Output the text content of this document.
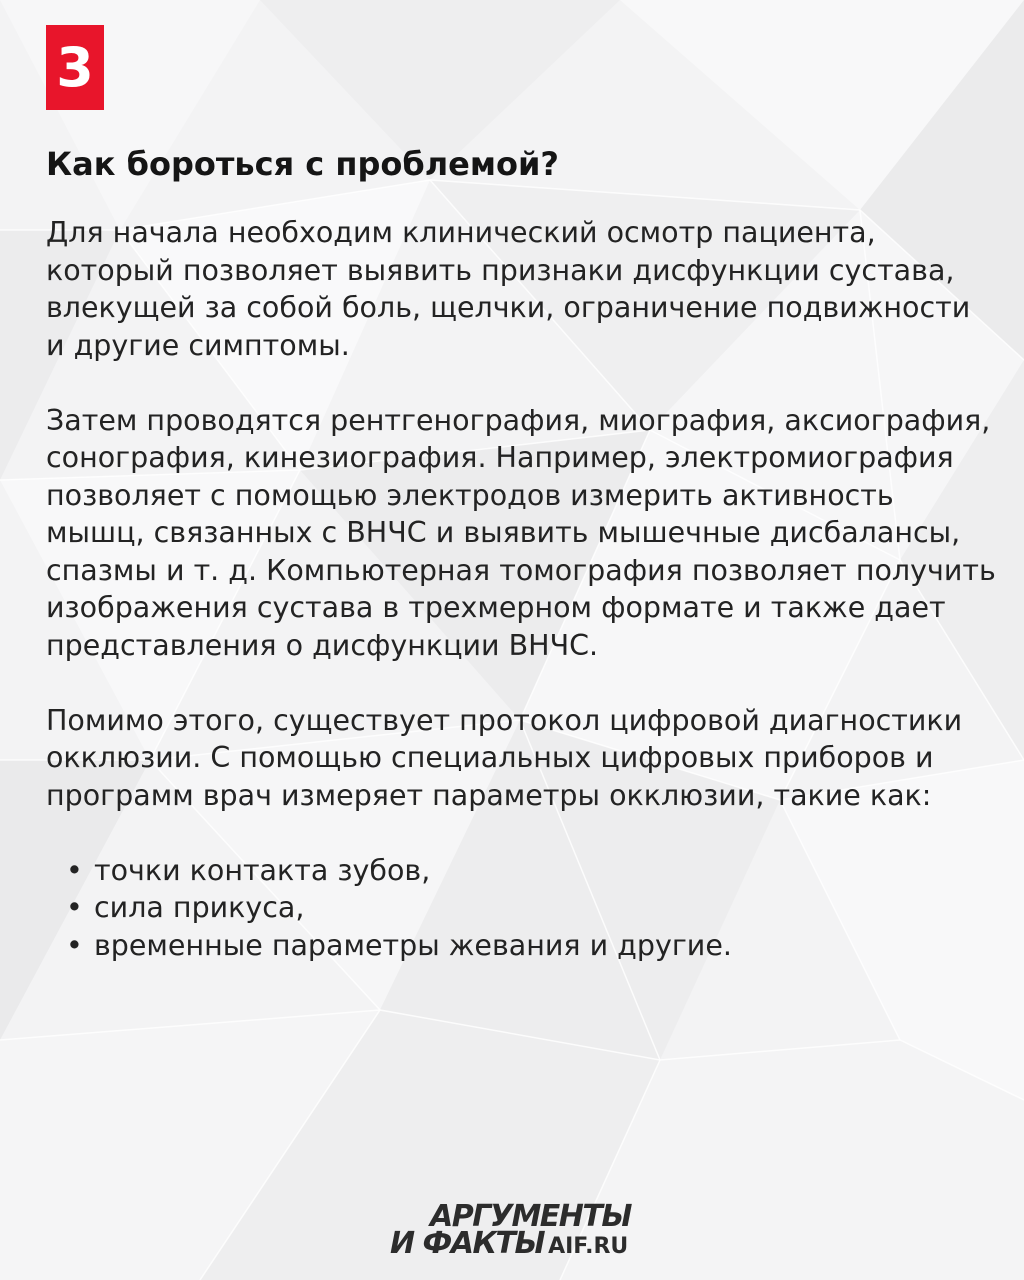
3
Как бороться с проблемой?

Для начала необходим клинический осмотр пациента, который позволяет выявить признаки дисфункции сустава, влекущей за собой боль, щелчки, ограничение подвижности и другие симптомы.

Затем проводятся рентгенография, миография, аксиография, сонография, кинезиография. Например, электромиография позволяет с помощью электродов измерить активность мышц, связанных с ВНЧС и выявить мышечные дисбалансы, спазмы и т. д. Компьютерная томография позволяет получить изображения сустава в трехмерном формате и также дает представления о дисфункции ВНЧС.

Помимо этого, существует протокол цифровой диагностики окклюзии. С помощью специальных цифровых приборов и программ врач измеряет параметры окклюзии, такие как:

• точки контакта зубов,
• сила прикуса,
• временные параметры жевания и другие.
АРГУМЕНТЫ
И ФАКТЫ AIF.RU
